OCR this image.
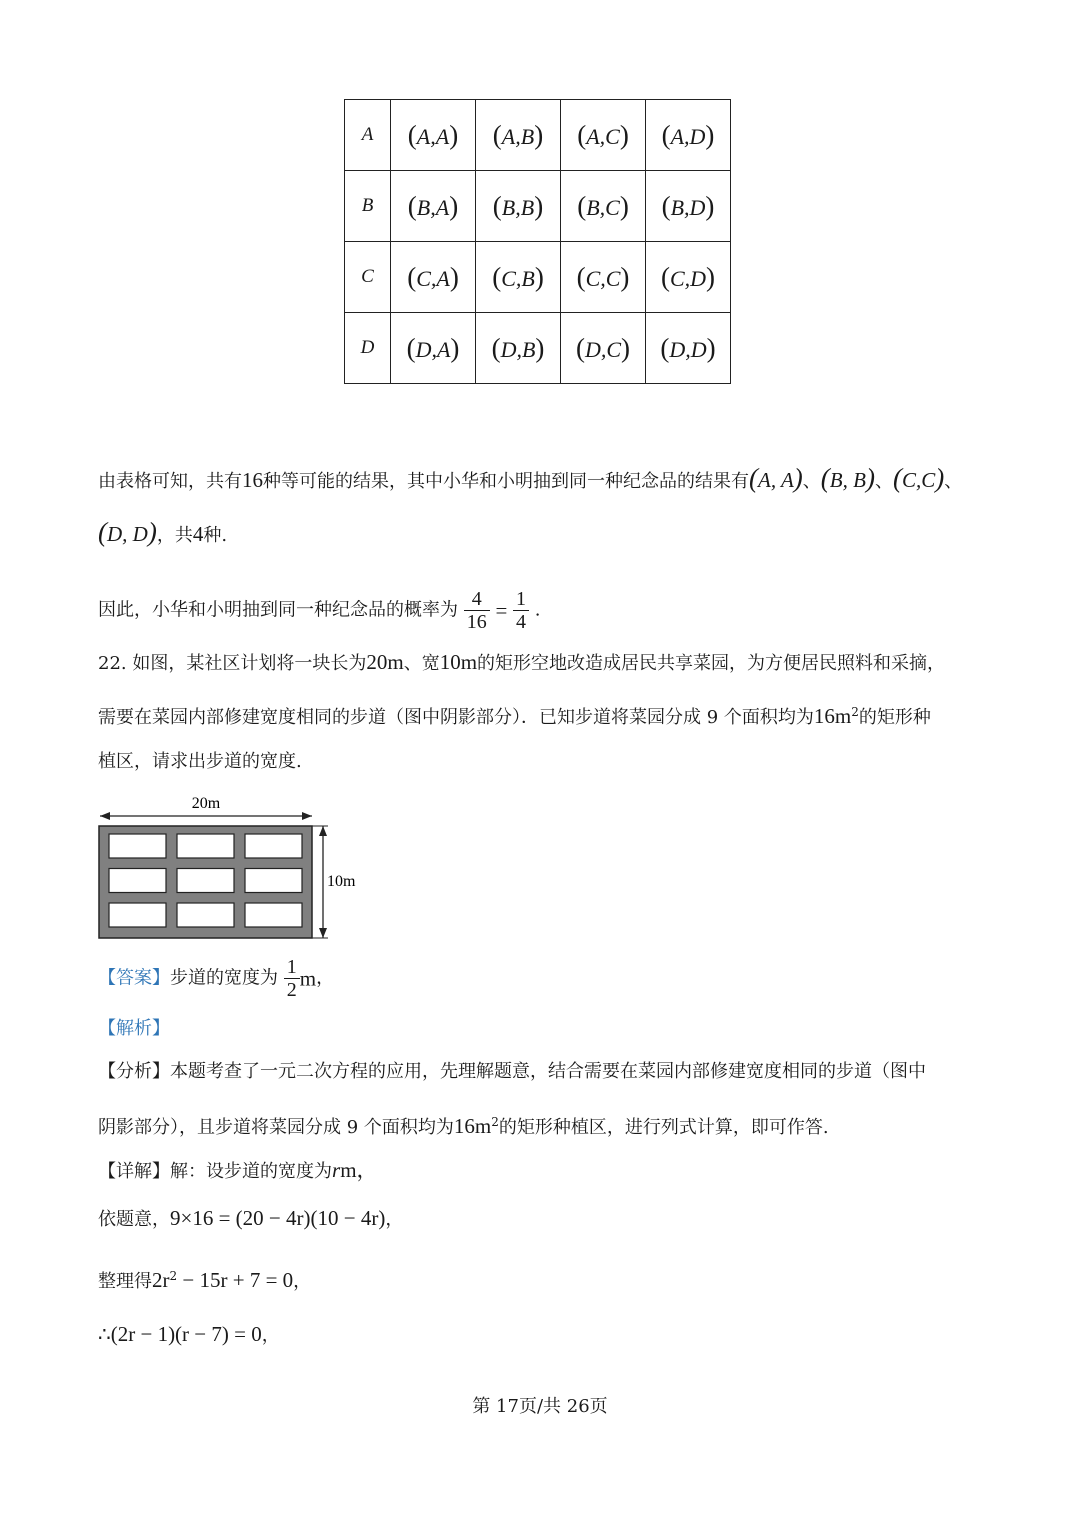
A	(A,A)	(A,B)	(A,C)	(A,D)
B	(B,A)	(B,B)	(B,C)	(B,D)
C	(C,A)	(C,B)	(C,C)	(C,D)
D	(D,A)	(D,B)	(D,C)	(D,D)
由表格可知，共有16种等可能的结果，其中小华和小明抽到同一种纪念品的结果有(A, A)、(B, B)、(C,C)、
(D, D)，共4种.
因此，小华和小明抽到同一种纪念品的概率为 $\frac{4}{16} = \frac{1}{4}$ .
22. 如图，某社区计划将一块长为20m、宽10m的矩形空地改造成居民共享菜园，为方便居民照料和采摘，
需要在菜园内部修建宽度相同的步道（图中阴影部分）．已知步道将菜园分成 9 个面积均为$16m^2$的矩形种
植区，请求出步道的宽度.
20m
10m
【答案】步道的宽度为 $\frac{1}{2}$ m，
【解析】
【分析】本题考查了一元二次方程的应用，先理解题意，结合需要在菜园内部修建宽度相同的步道（图中
阴影部分），且步道将菜园分成 9 个面积均为$16m^2$的矩形种植区，进行列式计算，即可作答.
【详解】解：设步道的宽度为rm，
依题意，9×16 = (20 − 4r)(10 − 4r)，
整理得$2r^2 - 15r + 7 = 0$，
∴(2r − 1)(r − 7) = 0，
第 17页/共 26页
